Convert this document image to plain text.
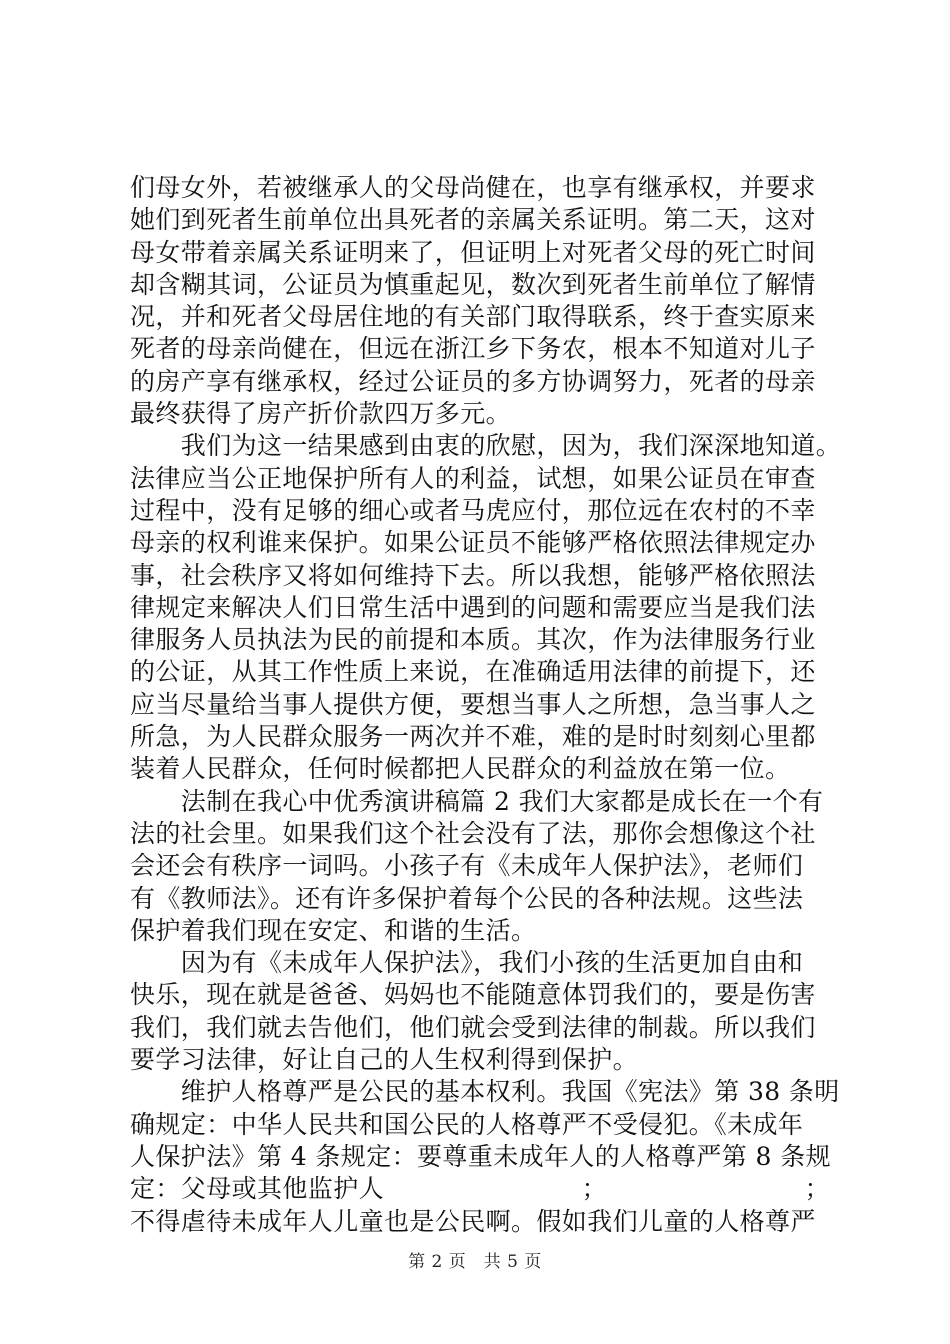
们母女外，若被继承人的父母尚健在，也享有继承权，并要求
她们到死者生前单位出具死者的亲属关系证明。第二天，这对
母女带着亲属关系证明来了，但证明上对死者父母的死亡时间
却含糊其词，公证员为慎重起见，数次到死者生前单位了解情
况，并和死者父母居住地的有关部门取得联系，终于查实原来
死者的母亲尚健在，但远在浙江乡下务农，根本不知道对儿子
的房产享有继承权，经过公证员的多方协调努力，死者的母亲
最终获得了房产折价款四万多元。
　　我们为这一结果感到由衷的欣慰，因为，我们深深地知道。
法律应当公正地保护所有人的利益，试想，如果公证员在审查
过程中，没有足够的细心或者马虎应付，那位远在农村的不幸
母亲的权利谁来保护。如果公证员不能够严格依照法律规定办
事，社会秩序又将如何维持下去。所以我想，能够严格依照法
律规定来解决人们日常生活中遇到的问题和需要应当是我们法
律服务人员执法为民的前提和本质。其次，作为法律服务行业
的公证，从其工作性质上来说，在准确适用法律的前提下，还
应当尽量给当事人提供方便，要想当事人之所想，急当事人之
所急，为人民群众服务一两次并不难，难的是时时刻刻心里都
装着人民群众，任何时候都把人民群众的利益放在第一位。
　　法制在我心中优秀演讲稿篇 2 我们大家都是成长在一个有
法的社会里。如果我们这个社会没有了法，那你会想像这个社
会还会有秩序一词吗。小孩子有《未成年人保护法》，老师们
有《教师法》。还有许多保护着每个公民的各种法规。这些法
保护着我们现在安定、和谐的生活。
　　因为有《未成年人保护法》，我们小孩的生活更加自由和
快乐，现在就是爸爸、妈妈也不能随意体罚我们的，要是伤害
我们，我们就去告他们，他们就会受到法律的制裁。所以我们
要学习法律，好让自己的人生权利得到保护。
　　维护人格尊严是公民的基本权利。我国《宪法》第 38 条明
确规定：中华人民共和国公民的人格尊严不受侵犯。《未成年
人保护法》第 4 条规定：要尊重未成年人的人格尊严第 8 条规
定：父母或其他监护人	；	；
不得虐待未成年人儿童也是公民啊。假如我们儿童的人格尊严
第 2 页　共 5 页
